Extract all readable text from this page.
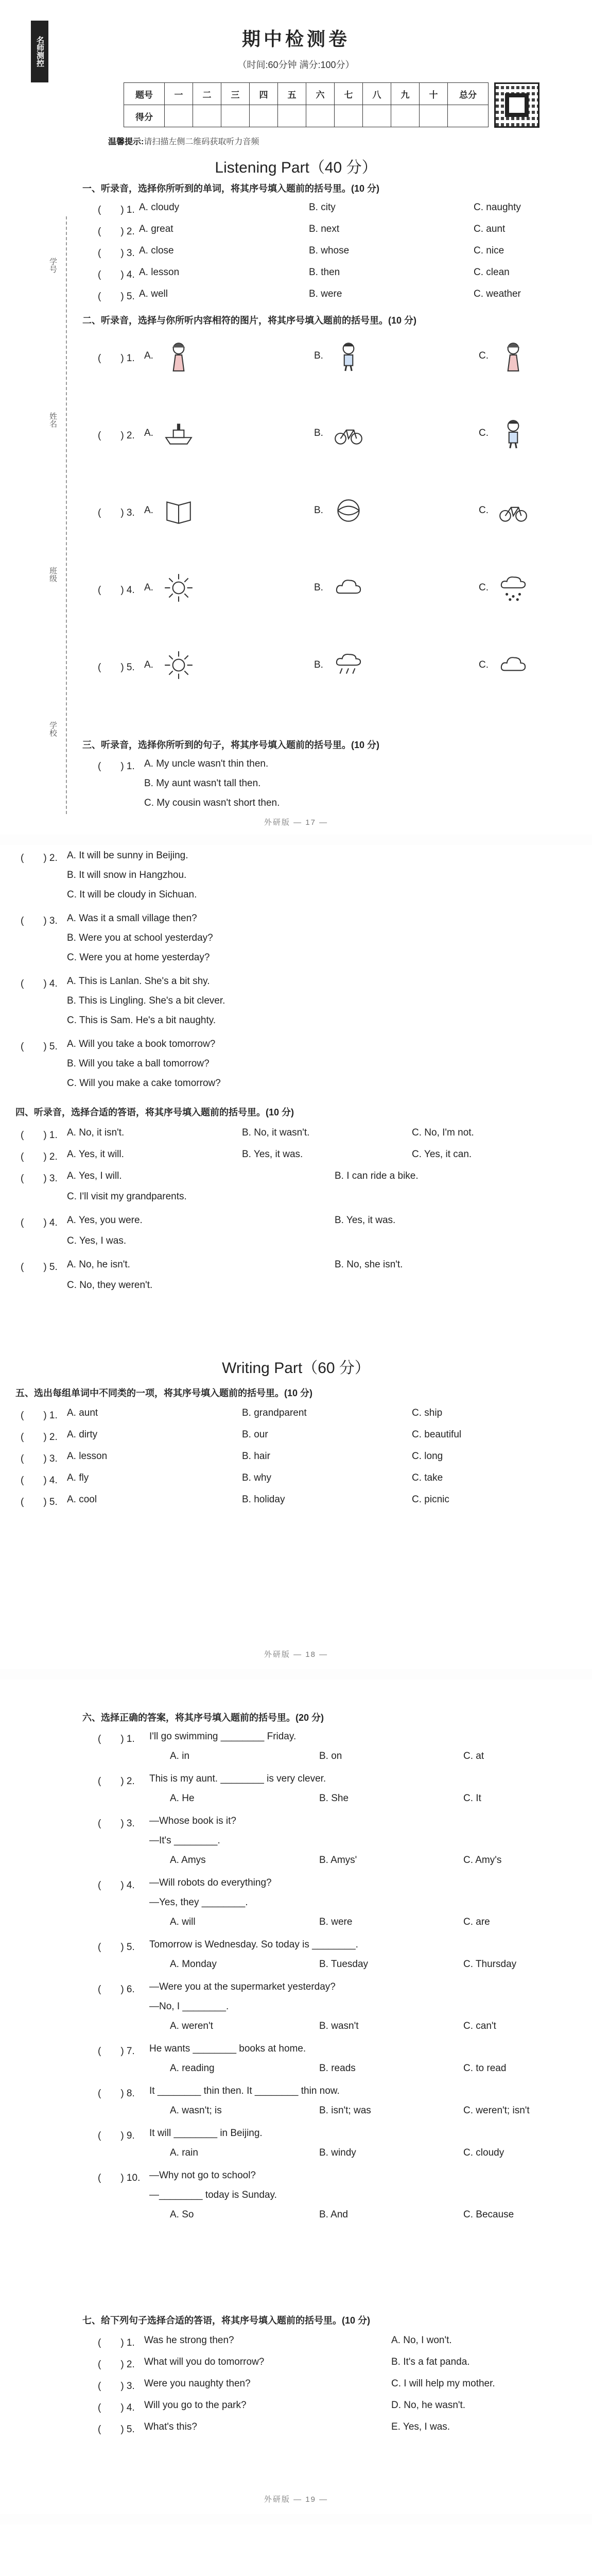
名师测控
学号
姓名
班级
学校
期中检测卷
（时间:60分钟 满分:100分）
题号	一	二	三	四	五	六	七	八	九	十	总分
得分											
温馨提示:请扫描左侧二维码获取听力音频
Listening Part（40 分）
一、听录音，选择你所听到的单词，将其序号填入题前的括号里。(10 分)
(　　) 1. A. cloudy	B. city	C. naughty
(　　) 2. A. great	B. next	C. aunt
(　　) 3. A. close	B. whose	C. nice
(　　) 4. A. lesson	B. then	C. clean
(　　) 5. A. well	B. were	C. weather
二、听录音，选择与你所听内容相符的图片，将其序号填入题前的括号里。(10 分)
(　　) 1. A.	B.	C.
(　　) 2. A.	B.	C.
(　　) 3. A.	B.	C.
(　　) 4. A.	B.	C.
(　　) 5. A.	B.	C.
三、听录音，选择你所听到的句子，将其序号填入题前的括号里。(10 分)
(　　) 1. A. My uncle wasn't thin then.
B. My aunt wasn't tall then.
C. My cousin wasn't short then.
外研版 — 17 —
(　　) 2. A. It will be sunny in Beijing.
B. It will snow in Hangzhou.
C. It will be cloudy in Sichuan.
(　　) 3. A. Was it a small village then?
B. Were you at school yesterday?
C. Were you at home yesterday?
(　　) 4. A. This is Lanlan. She's a bit shy.
B. This is Lingling. She's a bit clever.
C. This is Sam. He's a bit naughty.
(　　) 5. A. Will you take a book tomorrow?
B. Will you take a ball tomorrow?
C. Will you make a cake tomorrow?
四、听录音，选择合适的答语，将其序号填入题前的括号里。(10 分)
(　　) 1. A. No, it isn't.	B. No, it wasn't.	C. No, I'm not.
(　　) 2. A. Yes, it will.	B. Yes, it was.	C. Yes, it can.
(　　) 3. A. Yes, I will.	B. I can ride a bike.
C. I'll visit my grandparents.
(　　) 4. A. Yes, you were.	B. Yes, it was.
C. Yes, I was.
(　　) 5. A. No, he isn't.	B. No, she isn't.
C. No, they weren't.
Writing Part（60 分）
五、选出每组单词中不同类的一项，将其序号填入题前的括号里。(10 分)
(　　) 1. A. aunt	B. grandparent	C. ship
(　　) 2. A. dirty	B. our	C. beautiful
(　　) 3. A. lesson	B. hair	C. long
(　　) 4. A. fly	B. why	C. take
(　　) 5. A. cool	B. holiday	C. picnic
外研版 — 18 —
六、选择正确的答案，将其序号填入题前的括号里。(20 分)
(　　) 1. I'll go swimming ________ Friday.
A. in	B. on	C. at
(　　) 2. This is my aunt. ________ is very clever.
A. He	B. She	C. It
(　　) 3. —Whose book is it?
—It's ________.
A. Amys	B. Amys'	C. Amy's
(　　) 4. —Will robots do everything?
—Yes, they ________.
A. will	B. were	C. are
(　　) 5. Tomorrow is Wednesday. So today is ________.
A. Monday	B. Tuesday	C. Thursday
(　　) 6. —Were you at the supermarket yesterday?
—No, I ________.
A. weren't	B. wasn't	C. can't
(　　) 7. He wants ________ books at home.
A. reading	B. reads	C. to read
(　　) 8. It ________ thin then. It ________ thin now.
A. wasn't; is	B. isn't; was	C. weren't; isn't
(　　) 9. It will ________ in Beijing.
A. rain	B. windy	C. cloudy
(　　) 10. —Why not go to school?
—________ today is Sunday.
A. So	B. And	C. Because
七、给下列句子选择合适的答语，将其序号填入题前的括号里。(10 分)
(　　) 1. Was he strong then?	A. No, I won't.
(　　) 2. What will you do tomorrow?	B. It's a fat panda.
(　　) 3. Were you naughty then?	C. I will help my mother.
(　　) 4. Will you go to the park?	D. No, he wasn't.
(　　) 5. What's this?	E. Yes, I was.
外研版 — 19 —
